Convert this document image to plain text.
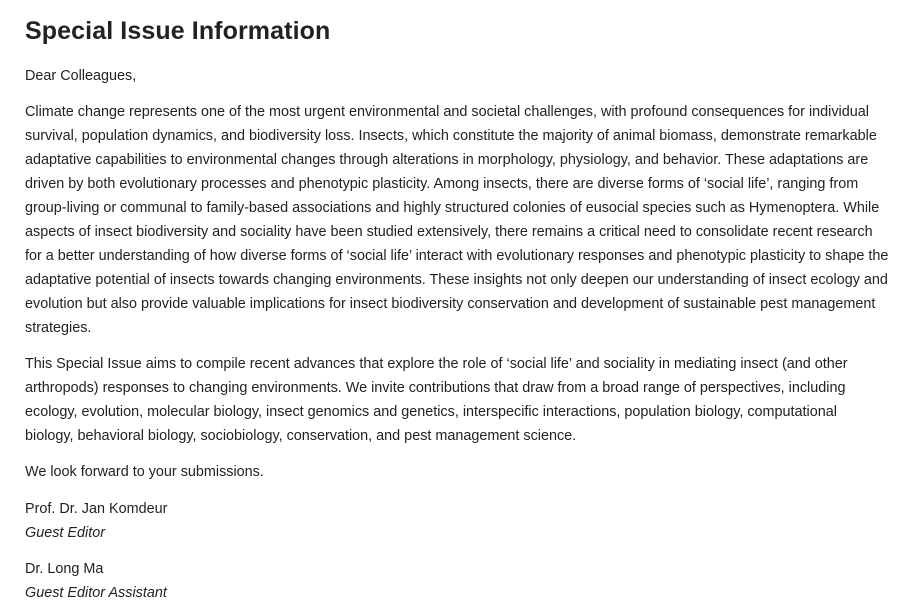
Special Issue Information

Dear Colleagues,

Climate change represents one of the most urgent environmental and societal challenges, with profound consequences for individual survival, population dynamics, and biodiversity loss. Insects, which constitute the majority of animal biomass, demonstrate remarkable adaptative capabilities to environmental changes through alterations in morphology, physiology, and behavior. These adaptations are driven by both evolutionary processes and phenotypic plasticity. Among insects, there are diverse forms of ‘social life’, ranging from group-living or communal to family-based associations and highly structured colonies of eusocial species such as Hymenoptera. While aspects of insect biodiversity and sociality have been studied extensively, there remains a critical need to consolidate recent research for a better understanding of how diverse forms of ‘social life’ interact with evolutionary responses and phenotypic plasticity to shape the adaptative potential of insects towards changing environments. These insights not only deepen our understanding of insect ecology and evolution but also provide valuable implications for insect biodiversity conservation and development of sustainable pest management strategies.

This Special Issue aims to compile recent advances that explore the role of ‘social life’ and sociality in mediating insect (and other arthropods) responses to changing environments. We invite contributions that draw from a broad range of perspectives, including ecology, evolution, molecular biology, insect genomics and genetics, interspecific interactions, population biology, computational biology, behavioral biology, sociobiology, conservation, and pest management science.

We look forward to your submissions.

Prof. Dr. Jan Komdeur
Guest Editor

Dr. Long Ma
Guest Editor Assistant
